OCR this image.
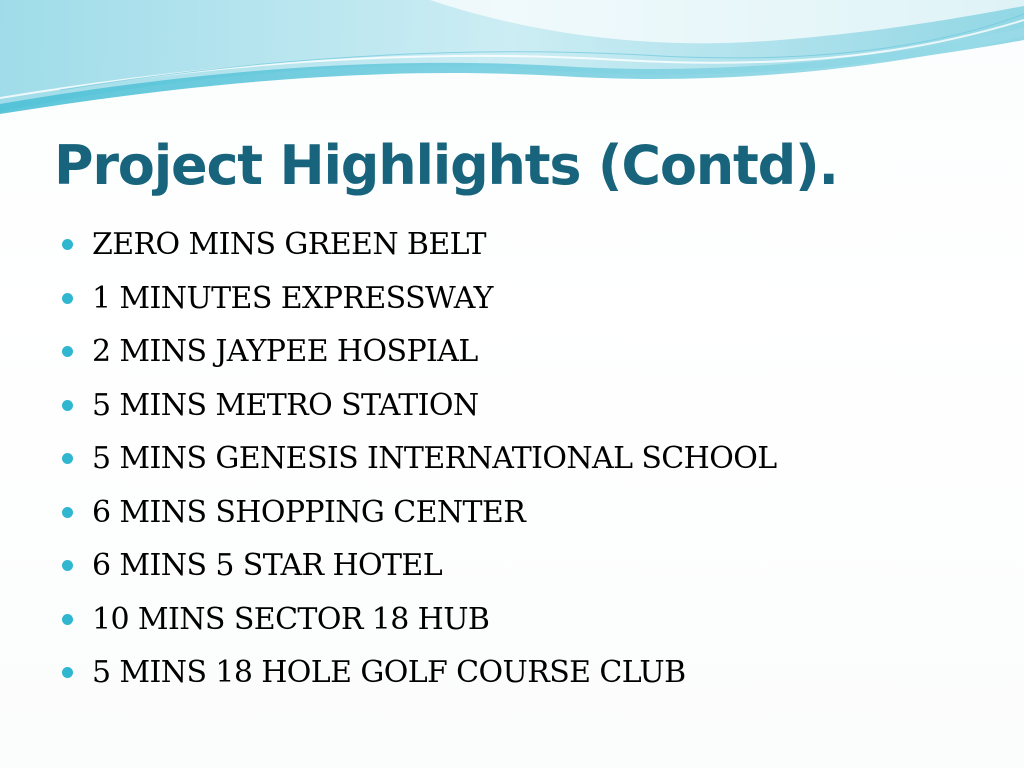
Project Highlights (Contd).
ZERO MINS GREEN BELT
1 MINUTES EXPRESSWAY
2 MINS JAYPEE HOSPIAL
5 MINS METRO STATION
5 MINS GENESIS INTERNATIONAL SCHOOL
6 MINS SHOPPING CENTER
6 MINS 5 STAR HOTEL
10 MINS SECTOR 18 HUB
5 MINS 18 HOLE GOLF COURSE CLUB
